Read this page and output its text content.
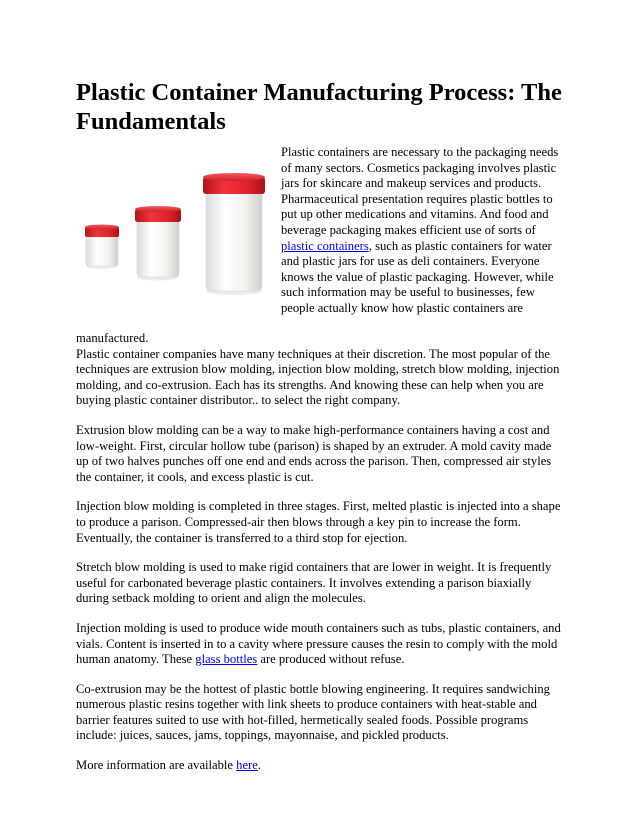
Plastic Container Manufacturing Process: The Fundamentals

Plastic containers are necessary to the packaging needs of many sectors. Cosmetics packaging involves plastic jars for skincare and makeup services and products. Pharmaceutical presentation requires plastic bottles to put up other medications and vitamins. And food and beverage packaging makes efficient use of sorts of plastic containers, such as plastic containers for water and plastic jars for use as deli containers. Everyone knows the value of plastic packaging. However, while such information may be useful to businesses, few people actually know how plastic containers are

manufactured.

Plastic container companies have many techniques at their discretion. The most popular of the techniques are extrusion blow molding, injection blow molding, stretch blow molding, injection molding, and co-extrusion. Each has its strengths. And knowing these can help when you are buying plastic container distributor.. to select the right company.

Extrusion blow molding can be a way to make high-performance containers having a cost and low-weight. First, circular hollow tube (parison) is shaped by an extruder. A mold cavity made up of two halves punches off one end and ends across the parison. Then, compressed air styles the container, it cools, and excess plastic is cut.

Injection blow molding is completed in three stages. First, melted plastic is injected into a shape to produce a parison. Compressed-air then blows through a key pin to increase the form. Eventually, the container is transferred to a third stop for ejection.

Stretch blow molding is used to make rigid containers that are lower in weight. It is frequently useful for carbonated beverage plastic containers. It involves extending a parison biaxially during setback molding to orient and align the molecules.

Injection molding is used to produce wide mouth containers such as tubs, plastic containers, and vials. Content is inserted in to a cavity where pressure causes the resin to comply with the mold human anatomy. These glass bottles are produced without refuse.

Co-extrusion may be the hottest of plastic bottle blowing engineering. It requires sandwiching numerous plastic resins together with link sheets to produce containers with heat-stable and barrier features suited to use with hot-filled, hermetically sealed foods. Possible programs include: juices, sauces, jams, toppings, mayonnaise, and pickled products.

More information are available here.
